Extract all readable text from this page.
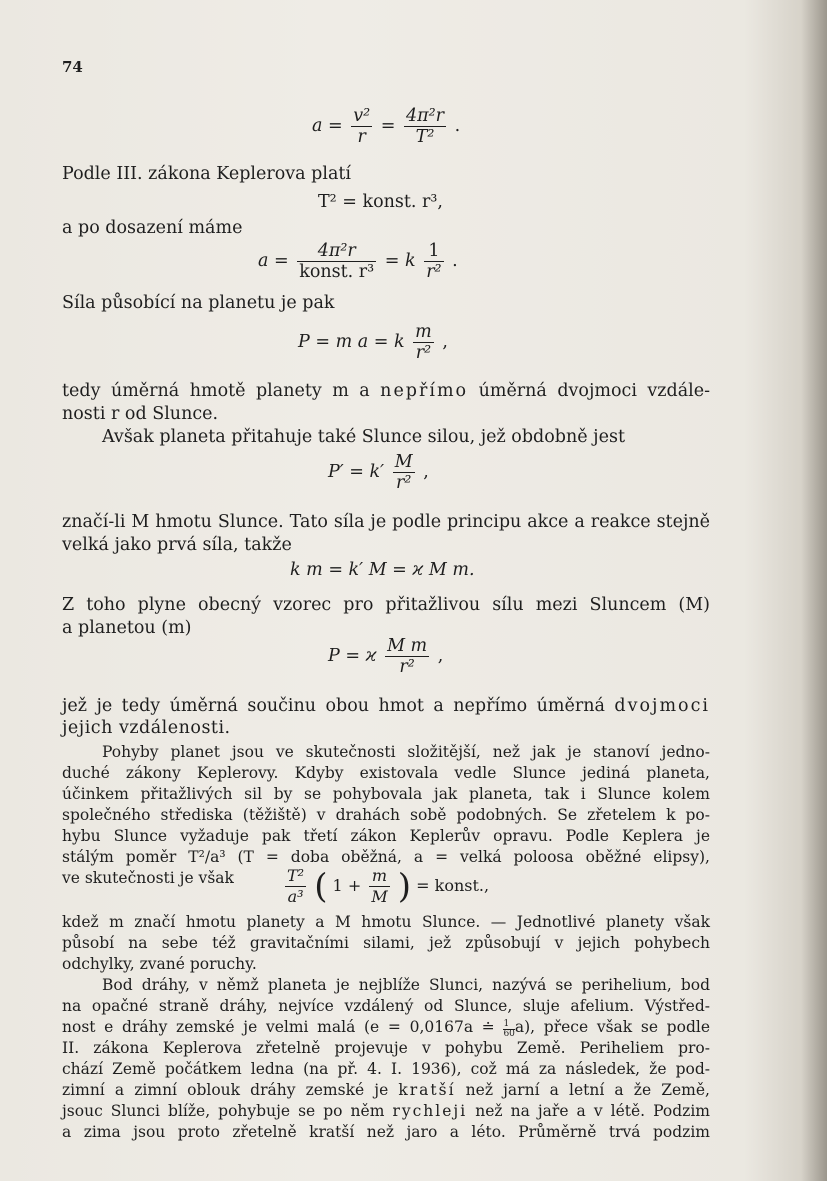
74
$a = \frac{\text{v²}}{r} = \frac{\text{4π²r}}{\text{T²}}$ .
Podle III. zákona Keplerova platí
T² = konst. r³,
a po dosazení máme
$a = \frac{\text{4π²r}}{\text{konst. r³}} = k \frac{1}{\text{r²}}$ .
Síla působící na planetu je pak
P = m a = k $\frac{m}{\text{r²}}$ ,
tedy úměrná hmotě planety m a nepřímo úměrná dvojmoci vzdále-
nosti r od Slunce.
Avšak planeta přitahuje také Slunce silou, jež obdobně jest
$P' = k' \frac{M}{\text{r²}}$ ,
značí-li M hmotu Slunce. Tato síla je podle principu akce a reakce stejně
velká jako prvá síla, takže
k m = k′ M = ϰ M m.
Z toho plyne obecný vzorec pro přitažlivou sílu mezi Sluncem (M)
a planetou (m)
P = ϰ $\frac{\text{M m}}{\text{r²}}$ ,
jež je tedy úměrná součinu obou hmot a nepřímo úměrná dvojmoci
jejich vzdálenosti.
Pohyby planet jsou ve skutečnosti složitější, než jak je stanoví jedno-
duché zákony Keplerovy. Kdyby existovala vedle Slunce jediná planeta,
účinkem přitažlivých sil by se pohybovala jak planeta, tak i Slunce kolem
společného střediska (těžiště) v drahách sobě podobných. Se zřetelem k po-
hybu Slunce vyžaduje pak třetí zákon Keplerův opravu. Podle Keplera je
stálým poměr T²/a³ (T = doba oběžná, a = velká poloosa oběžné elipsy),
ve skutečnosti je však	$\frac{\text{T²}}{\text{a³}}$ ( $1 + \frac{m}{M}$ ) = konst.,
kdež m značí hmotu planety a M hmotu Slunce. — Jednotlivé planety však
působí na sebe též gravitačními silami, jež způsobují v jejich pohybech
odchylky, zvané poruchy.
Bod dráhy, v němž planeta je nejblíže Slunci, nazývá se perihelium, bod
na opačné straně dráhy, nejvíce vzdálený od Slunce, sluje afelium. Výstřed-
nost e dráhy zemské je velmi malá (e = 0,0167a ≐ $\frac{1}{60} a$), přece však se podle
II. zákona Keplerova zřetelně projevuje v pohybu Země. Periheliem pro-
chází Země počátkem ledna (na př. 4. I. 1936), což má za následek, že pod-
zimní a zimní oblouk dráhy zemské je kratší než jarní a letní a že Země,
jsouc Slunci blíže, pohybuje se po něm rychleji než na jaře a v létě. Podzim
a zima jsou proto zřetelně kratší než jaro a léto. Průměrně trvá podzim
